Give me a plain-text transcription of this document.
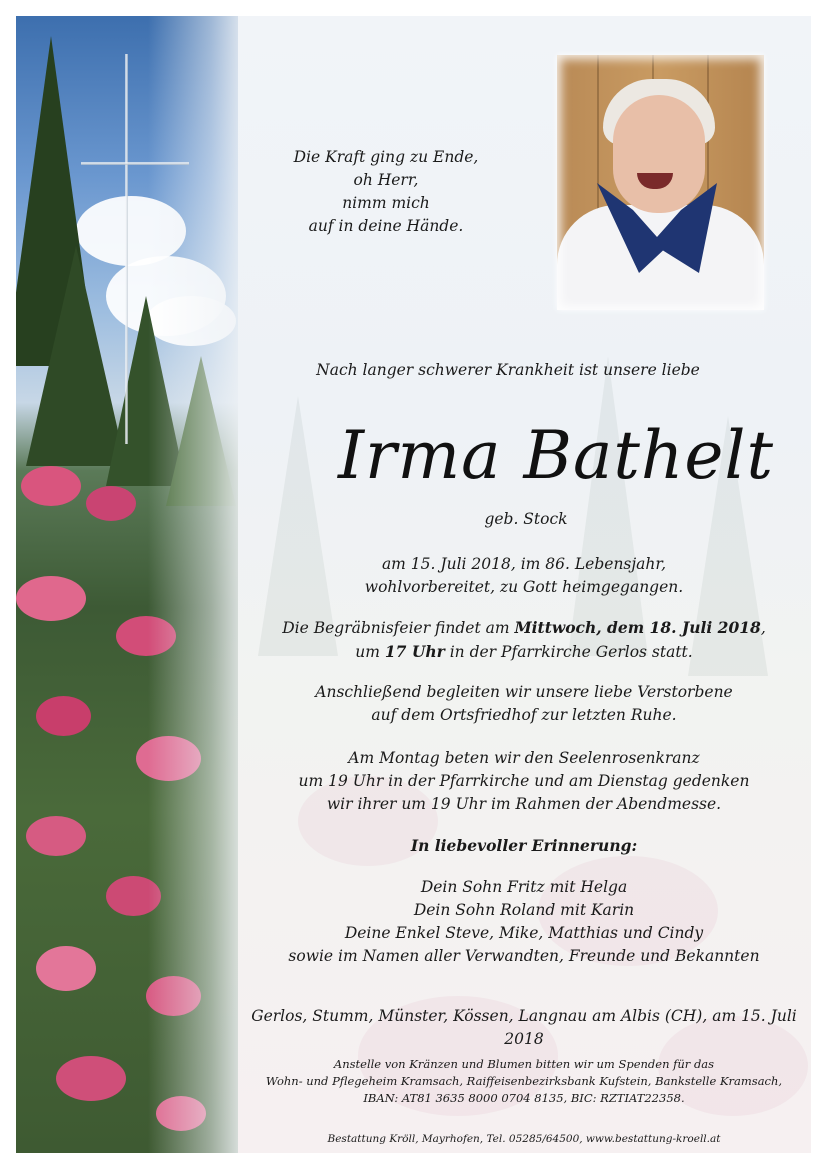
Die Kraft ging zu Ende,
oh Herr,
nimm mich
auf in deine Hände.
Nach langer schwerer Krankheit ist unsere liebe
Irma Bathelt
geb. Stock
am 15. Juli 2018, im 86. Lebensjahr,
wohlvorbereitet, zu Gott heimgegangen.
Die Begräbnisfeier findet am Mittwoch, dem 18. Juli 2018,
um 17 Uhr in der Pfarrkirche Gerlos statt.
Anschließend begleiten wir unsere liebe Verstorbene
auf dem Ortsfriedhof zur letzten Ruhe.
Am Montag beten wir den Seelenrosenkranz
um 19 Uhr in der Pfarrkirche und am Dienstag gedenken
wir ihrer um 19 Uhr im Rahmen der Abendmesse.
In liebevoller Erinnerung:
Dein Sohn Fritz mit Helga
Dein Sohn Roland mit Karin
Deine Enkel Steve, Mike, Matthias und Cindy
sowie im Namen aller Verwandten, Freunde und Bekannten
Gerlos, Stumm, Münster, Kössen, Langnau am Albis (CH), am 15. Juli 2018
Anstelle von Kränzen und Blumen bitten wir um Spenden für das
Wohn- und Pflegeheim Kramsach, Raiffeisenbezirksbank Kufstein, Bankstelle Kramsach,
IBAN: AT81 3635 8000 0704 8135, BIC: RZTIAT22358.
Bestattung Kröll, Mayrhofen, Tel. 05285/64500, www.bestattung-kroell.at
